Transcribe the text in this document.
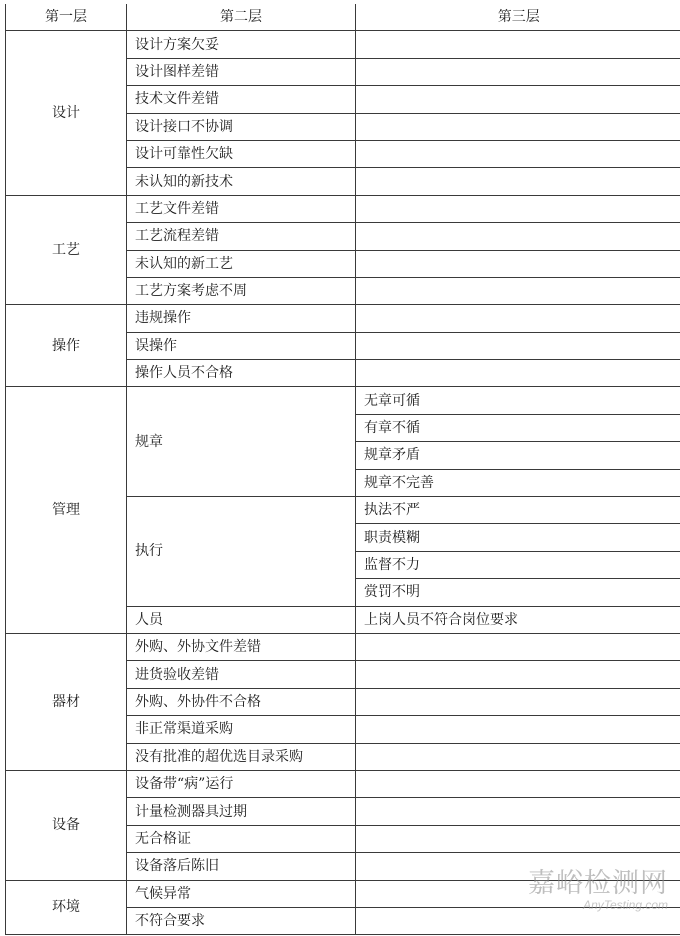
第一层	第二层	第三层
设计	设计方案欠妥	
	设计图样差错	
	技术文件差错	
	设计接口不协调	
	设计可靠性欠缺	
	未认知的新技术	
工艺	工艺文件差错	
	工艺流程差错	
	未认知的新工艺	
	工艺方案考虑不周	
操作	违规操作	
	误操作	
	操作人员不合格	
管理	规章	无章可循
		有章不循
		规章矛盾
		规章不完善
	执行	执法不严
		职责模糊
		监督不力
		赏罚不明
	人员	上岗人员不符合岗位要求
器材	外购、外协文件差错	
	进货验收差错	
	外购、外协件不合格	
	非正常渠道采购	
	没有批准的超优选目录采购	
设备	设备带“病”运行	
	计量检测器具过期	
	无合格证	
	设备落后陈旧	
环境	气候异常	
	不符合要求	
嘉峪检测网
AnyTesting.com
